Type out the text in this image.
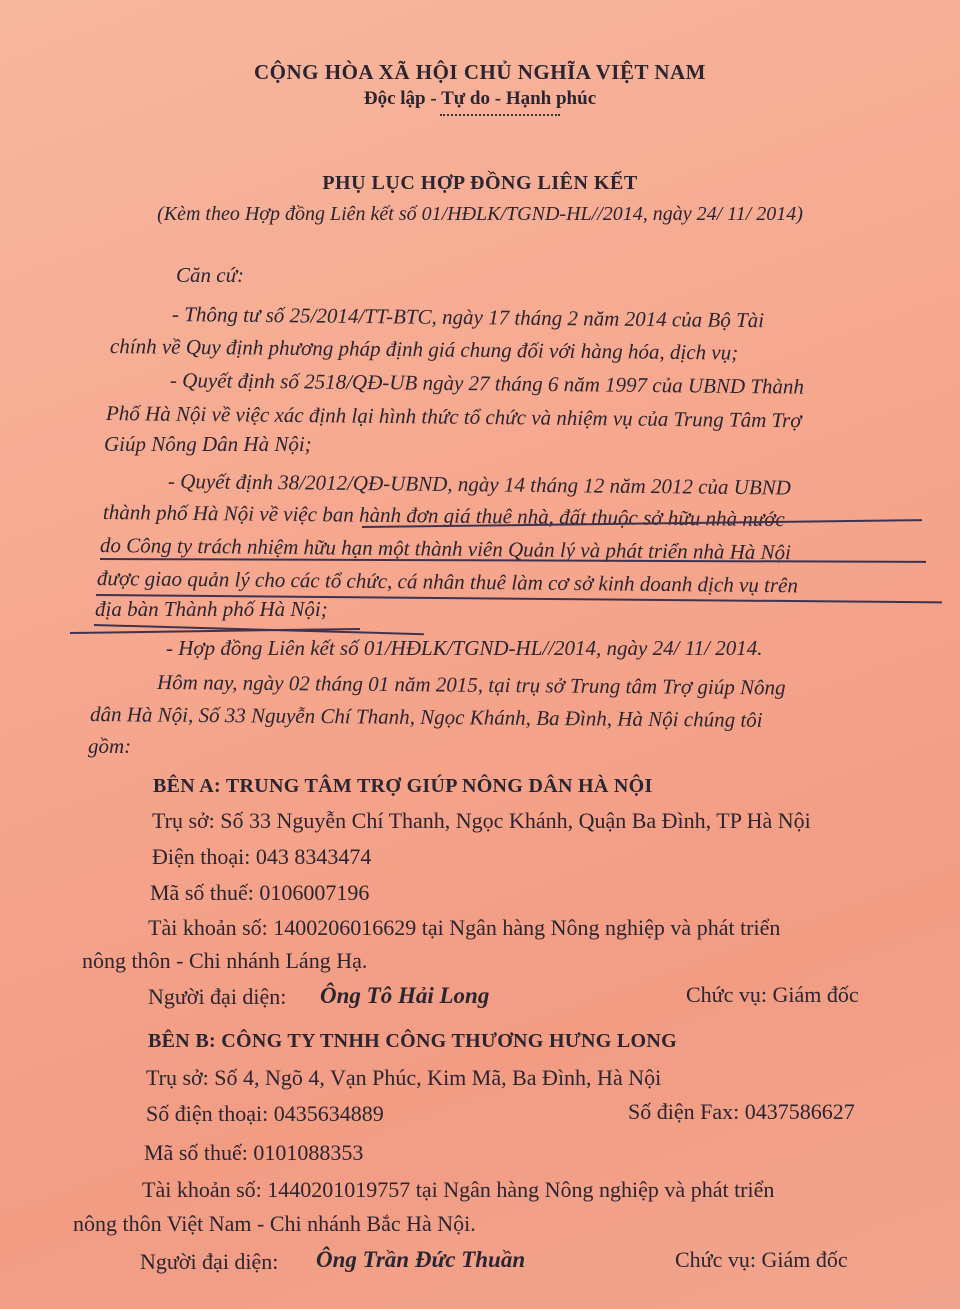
CỘNG HÒA XÃ HỘI CHỦ NGHĨA VIỆT NAM
Độc lập - Tự do - Hạnh phúc
PHỤ LỤC HỢP ĐỒNG LIÊN KẾT
(Kèm theo Hợp đồng Liên kết số 01/HĐLK/TGND-HL//2014, ngày 24/ 11/ 2014)
Căn cứ:
- Thông tư số 25/2014/TT-BTC, ngày 17 tháng 2 năm 2014 của Bộ Tài
chính về Quy định phương pháp định giá chung đối với hàng hóa, dịch vụ;
- Quyết định số 2518/QĐ-UB ngày 27 tháng 6 năm 1997 của UBND Thành
Phố Hà Nội về việc xác định lại hình thức tổ chức và nhiệm vụ của Trung Tâm Trợ
Giúp Nông Dân Hà Nội;
- Quyết định 38/2012/QĐ-UBND, ngày 14 tháng 12 năm 2012 của UBND
thành phố Hà Nội về việc ban hành đơn giá thuê nhà, đất thuộc sở hữu nhà nước
do Công ty trách nhiệm hữu hạn một thành viên Quản lý và phát triển nhà Hà Nội
được giao quản lý cho các tổ chức, cá nhân thuê làm cơ sở kinh doanh dịch vụ trên
địa bàn Thành phố Hà Nội;
- Hợp đồng Liên kết số 01/HĐLK/TGND-HL//2014, ngày 24/ 11/ 2014.
Hôm nay, ngày 02 tháng 01 năm 2015, tại trụ sở Trung tâm Trợ giúp Nông
dân Hà Nội, Số 33 Nguyễn Chí Thanh, Ngọc Khánh, Ba Đình, Hà Nội chúng tôi
gồm:
BÊN A: TRUNG TÂM TRỢ GIÚP NÔNG DÂN HÀ NỘI
Trụ sở: Số 33 Nguyễn Chí Thanh, Ngọc Khánh, Quận Ba Đình, TP Hà Nội
Điện thoại: 043 8343474
Mã số thuế: 0106007196
Tài khoản số: 1400206016629 tại Ngân hàng Nông nghiệp và phát triển
nông thôn - Chi nhánh Láng Hạ.
Người đại diện: Ông Tô Hải Long	Chức vụ: Giám đốc
BÊN B: CÔNG TY TNHH CÔNG THƯƠNG HƯNG LONG
Trụ sở: Số 4, Ngõ 4, Vạn Phúc, Kim Mã, Ba Đình, Hà Nội
Số điện thoại: 0435634889	Số điện Fax: 0437586627
Mã số thuế: 0101088353
Tài khoản số: 1440201019757 tại Ngân hàng Nông nghiệp và phát triển
nông thôn Việt Nam - Chi nhánh Bắc Hà Nội.
Người đại diện: Ông Trần Đức Thuần	Chức vụ: Giám đốc
